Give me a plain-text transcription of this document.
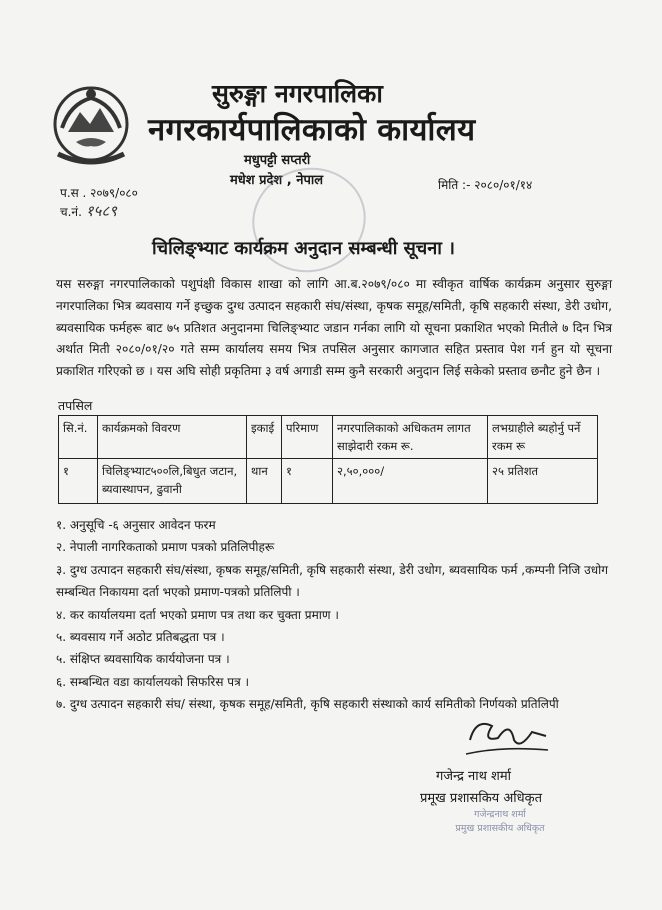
सुरुङ्गा नगरपालिका
नगरकार्यपालिकाको कार्यालय
मधुपट्टी सप्तरी
मधेश प्रदेश , नेपाल
प.स . २०७९/०८०
च.नं. १५८९
मिति :- २०८०/०१/१४
चिलिङ्भ्याट कार्यक्रम अनुदान सम्बन्धी सूचना ।
यस सरुङ्गा नगरपालिकाको पशुपंक्षी विकास शाखा को लागि आ.ब.२०७९/०८० मा स्वीकृत वार्षिक कार्यक्रम अनुसार सुरुङ्गा नगरपालिका भित्र ब्यवसाय गर्ने इच्छुक दुग्ध उत्पादन सहकारी संघ/संस्था, कृषक समूह/समिती, कृषि सहकारी संस्था, डेरी उधोग, ब्यवसायिक फर्महरू बाट ७५ प्रतिशत अनुदानमा चिलिङ्भ्याट जडान गर्नका लागि यो सूचना प्रकाशित भएको मितीले ७ दिन भित्र अर्थात मिती २०८०/०१/२० गते सम्म कार्यालय समय भित्र तपसिल अनुसार कागजात सहित प्रस्ताव पेश गर्न हुन यो सूचना प्रकाशित गरिएको छ । यस अघि सोही प्रकृतिमा ३ वर्ष अगाडी सम्म कुनै सरकारी अनुदान लिई सकेको प्रस्ताव छनौट हुने छैन ।
तपसिल
सि.नं.	कार्यक्रमको विवरण	इकाई	परिमाण	नगरपालिकाको अधिकतम लागत साझेदारी रकम रू.	लभग्राहीले ब्यहोर्नु पर्ने रकम रू
१	चिलिङ्भ्याट५००लि,बिधुत जटान, ब्यवास्थापन, ढुवानी	थान	१	२,५०,०००/	२५ प्रतिशत
१. अनुसूचि -६ अनुसार आवेदन फरम
२. नेपाली नागरिकताको प्रमाण पत्रको प्रतिलिपीहरू
३. दुग्ध उत्पादन सहकारी संघ/संस्था, कृषक समूह/समिती, कृषि सहकारी संस्था, डेरी उधोग, ब्यवसायिक फर्म ,कम्पनी निजि उधोग सम्बन्धित निकायमा दर्ता भएको प्रमाण-पत्रको प्रतिलिपी ।
४. कर कार्यालयमा दर्ता भएको प्रमाण पत्र तथा कर चुक्ता प्रमाण ।
५. ब्यवसाय गर्ने अठोट प्रतिबद्धता पत्र ।
५. संक्षिप्त ब्यवसायिक कार्ययोजना पत्र ।
६. सम्बन्धित वडा कार्यालयको सिफरिस पत्र ।
७. दुग्ध उत्पादन सहकारी संघ/ संस्था, कृषक समूह/समिती, कृषि सहकारी संस्थाको कार्य समितीको निर्णयको प्रतिलिपी
गजेन्द्र नाथ शर्मा
प्रमूख प्रशासकिय अधिकृत
गजेन्द्रनाथ शर्मा
प्रमुख प्रशासकीय अधिकृत
